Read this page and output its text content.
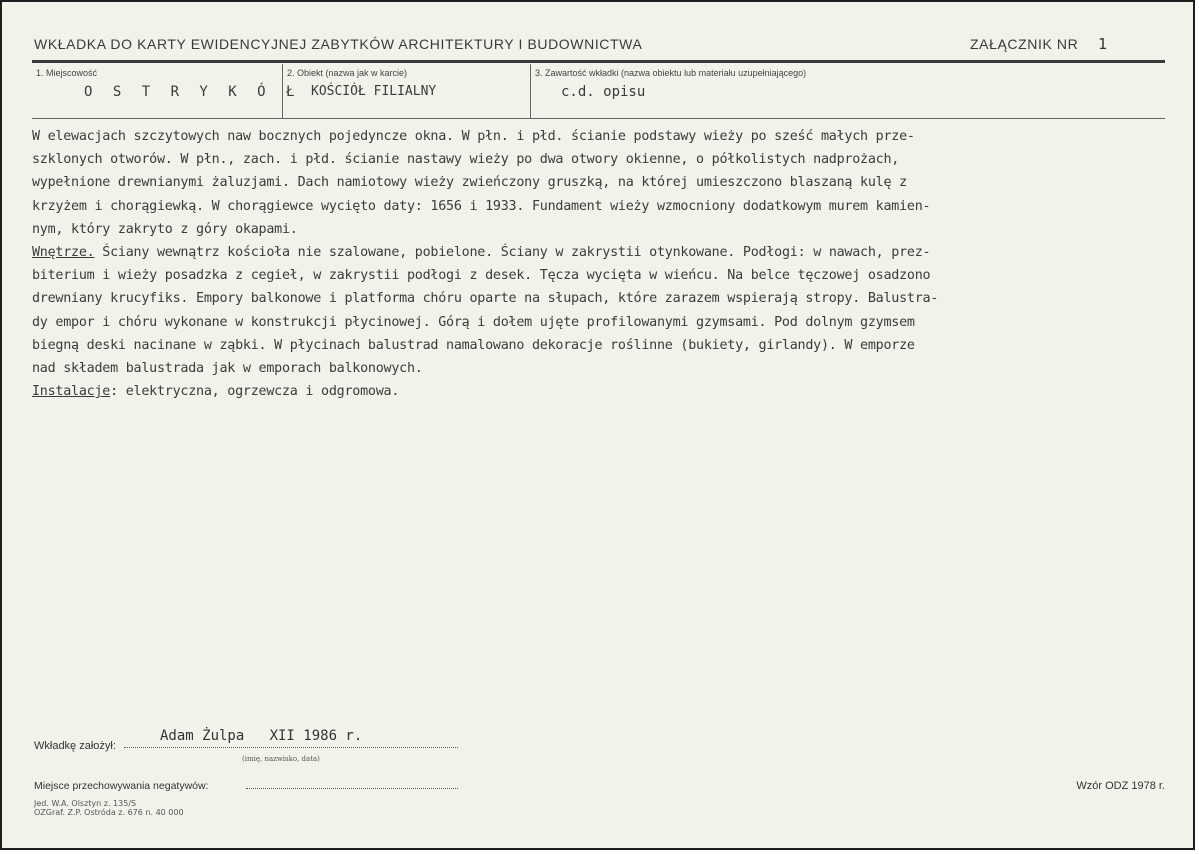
WKŁADKA DO KARTY EWIDENCYJNEJ ZABYTKÓW ARCHITEKTURY I BUDOWNICTWA	ZAŁĄCZNIK NR 1
1. Miejscowość
O S T R Y K Ó Ł
2. Obiekt (nazwa jak w karcie)
KOŚCIÓŁ FILIALNY
3. Zawartość wkładki (nazwa obiektu lub materiału uzupełniającego)
c.d. opisu
W elewacjach szczytowych naw bocznych pojedyncze okna. W płn. i płd. ścianie podstawy wieży po sześć małych prze-
szklonych otworów. W płn., zach. i płd. ścianie nastawy wieży po dwa otwory okienne, o półkolistych nadprożach,
wypełnione drewnianymi żaluzjami. Dach namiotowy wieży zwieńczony gruszką, na której umieszczono blaszaną kulę z
krzyżem i chorągiewką. W chorągiewce wycięto daty: 1656 i 1933. Fundament wieży wzmocniony dodatkowym murem kamien-
nym, który zakryto z góry okapami.
Wnętrze. Ściany wewnątrz kościoła nie szalowane, pobielone. Ściany w zakrystii otynkowane. Podłogi: w nawach, prez-
biterium i wieży posadzka z cegieł, w zakrystii podłogi z desek. Tęcza wycięta w wieńcu. Na belce tęczowej osadzono
drewniany krucyfiks. Empory balkonowe i platforma chóru oparte na słupach, które zarazem wspierają stropy. Balustra-
dy empor i chóru wykonane w konstrukcji płycinowej. Górą i dołem ujęte profilowanymi gzymsami. Pod dolnym gzymsem
biegną deski nacinane w ząbki. W płycinach balustrad namalowano dekoracje roślinne (bukiety, girlandy). W emporze
nad składem balustrada jak w emporach balkonowych.
Instalacje: elektryczna, ogrzewcza i odgromowa.
Wkładkę założył:
Adam Żulpa   XII 1986 r.
(imię, nazwisko, data)
Miejsce przechowywania negatywów:	Wzór ODZ 1978 r.
Jed. W.A. Olsztyn z. 135/S
OZGraf. Z.P. Ostróda z. 676 n. 40 000
